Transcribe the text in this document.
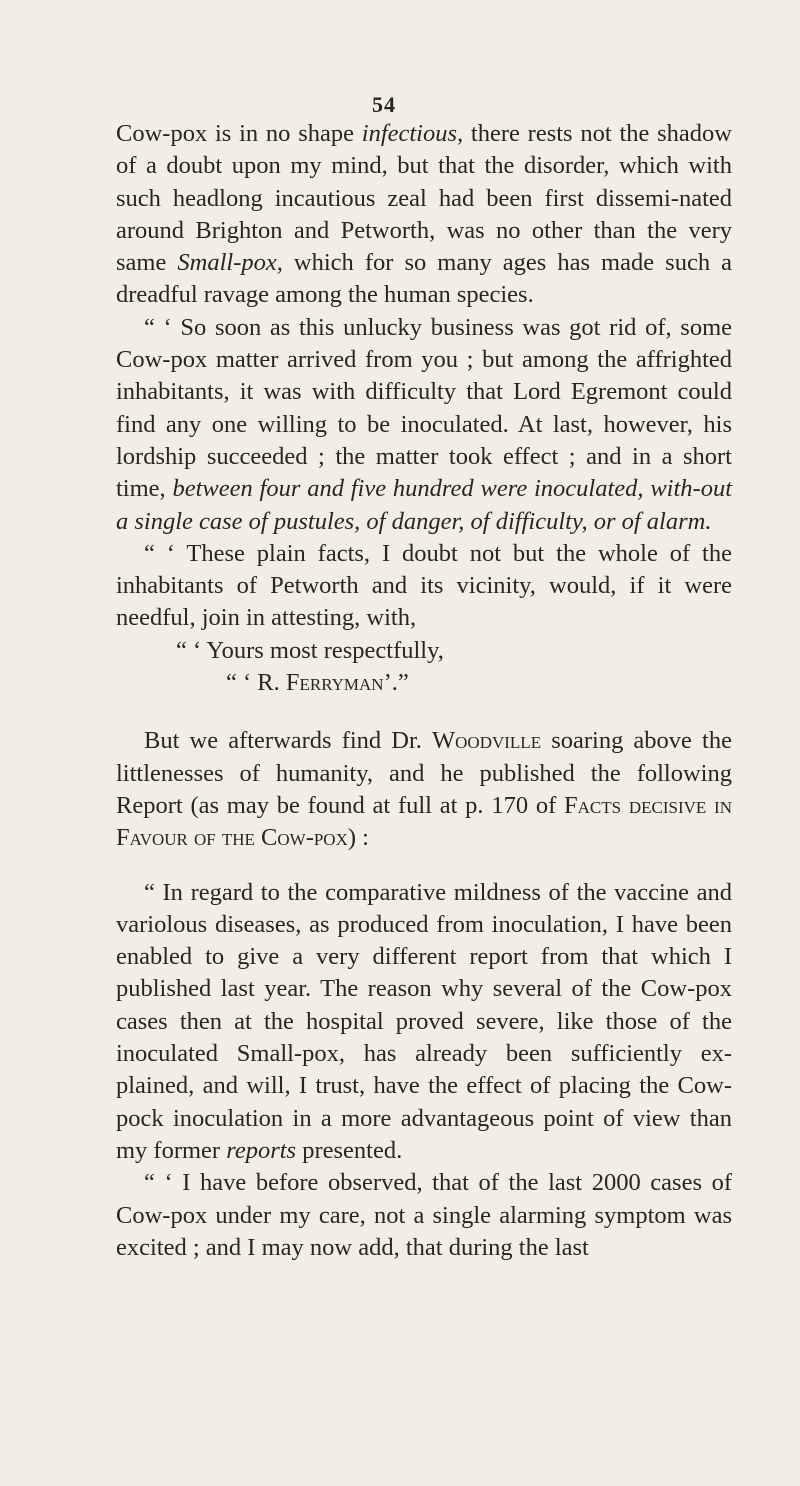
54

Cow-pox is in no shape infectious, there rests not the shadow of a doubt upon my mind, but that the disorder, which with such headlong incautious zeal had been first dissemi-nated around Brighton and Petworth, was no other than the very same Small-pox, which for so many ages has made such a dreadful ravage among the human species.

“ ‘ So soon as this unlucky business was got rid of, some Cow-pox matter arrived from you ; but among the affrighted inhabitants, it was with difficulty that Lord Egremont could find any one willing to be inoculated. At last, however, his lordship succeeded ; the matter took effect ; and in a short time, between four and five hundred were inoculated, with-out a single case of pustules, of danger, of difficulty, or of alarm.

“ ‘ These plain facts, I doubt not but the whole of the inhabitants of Petworth and its vicinity, would, if it were needful, join in attesting, with,

“ ‘ Yours most respectfully,

“ ‘ R. Ferryman’.”

But we afterwards find Dr. Woodville soaring above the littlenesses of humanity, and he published the following Report (as may be found at full at p. 170 of Facts decisive in Favour of the Cow-pox) :

“ In regard to the comparative mildness of the vaccine and variolous diseases, as produced from inoculation, I have been enabled to give a very different report from that which I published last year. The reason why several of the Cow-pox cases then at the hospital proved severe, like those of the inoculated Small-pox, has already been sufficiently ex-plained, and will, I trust, have the effect of placing the Cow-pock inoculation in a more advantageous point of view than my former reports presented.

“ ‘ I have before observed, that of the last 2000 cases of Cow-pox under my care, not a single alarming symptom was excited ; and I may now add, that during the last
